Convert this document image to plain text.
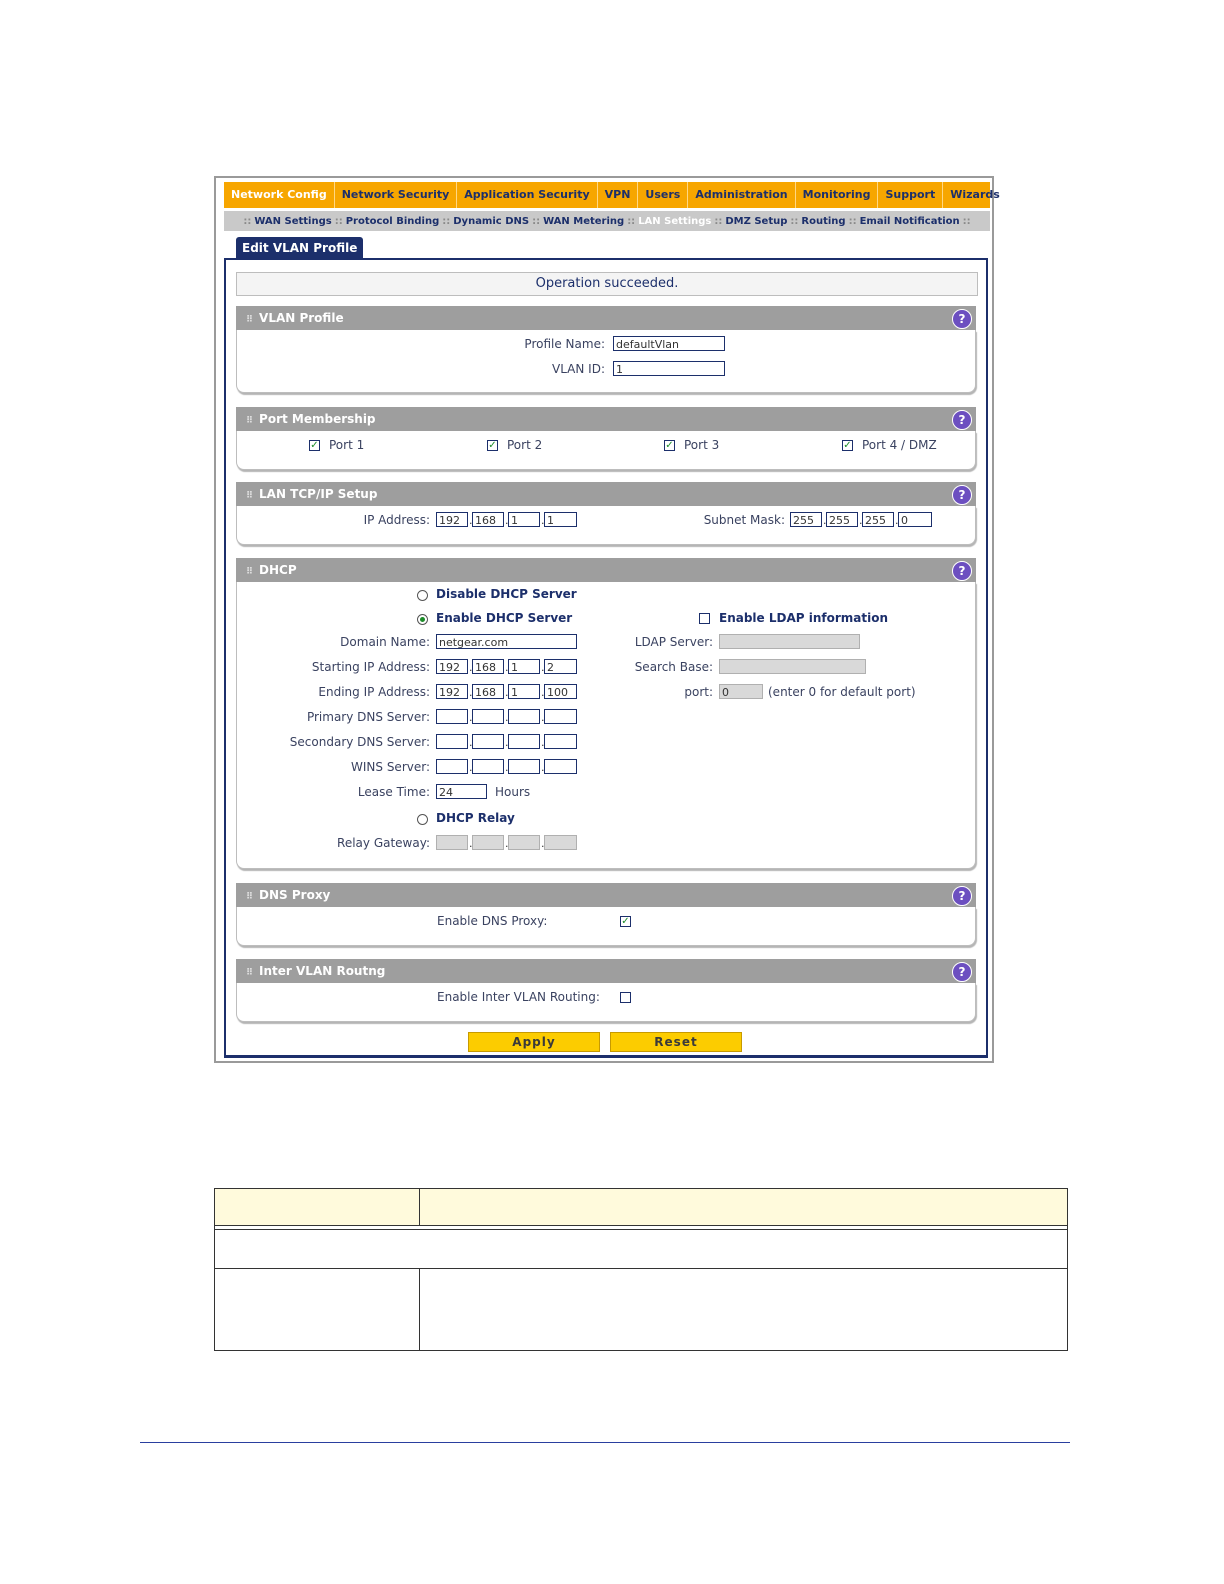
Network Config	Network Security	Application Security	VPN	Users	Administration	Monitoring	Support	Wizards
:: WAN Settings :: Protocol Binding :: Dynamic DNS :: WAN Metering :: LAN Settings :: DMZ Setup :: Routing :: Email Notification ::
Edit VLAN Profile
Operation succeeded.
⠿ VLAN Profile	?
Profile Name: defaultVlan
VLAN ID: 1
⠿ Port Membership	?
✓ Port 1	✓ Port 2	✓ Port 3	✓ Port 4 / DMZ
⠿ LAN TCP/IP Setup	?
IP Address: 192 . 168 . 1	. 1	Subnet Mask: 255 . 255 . 255 . 0
⠿ DHCP	?
Disable DHCP Server
Enable DHCP Server	Enable LDAP information
Domain Name: netgear.com	LDAP Server:
Starting IP Address: 192 . 168 . 1	. 2	Search Base:
Ending IP Address: 192 . 168 . 1	. 100	port: 0	(enter 0 for default port)
Primary DNS Server:	.	.	.
Secondary DNS Server:	.	.	.
WINS Server:	.	.	.
Lease Time: 24	Hours
DHCP Relay
Relay Gateway:	.	.	.
⠿ DNS Proxy	?
Enable DNS Proxy:	✓
⠿ Inter VLAN Routng	?
Enable Inter VLAN Routing:
Apply	Reset
